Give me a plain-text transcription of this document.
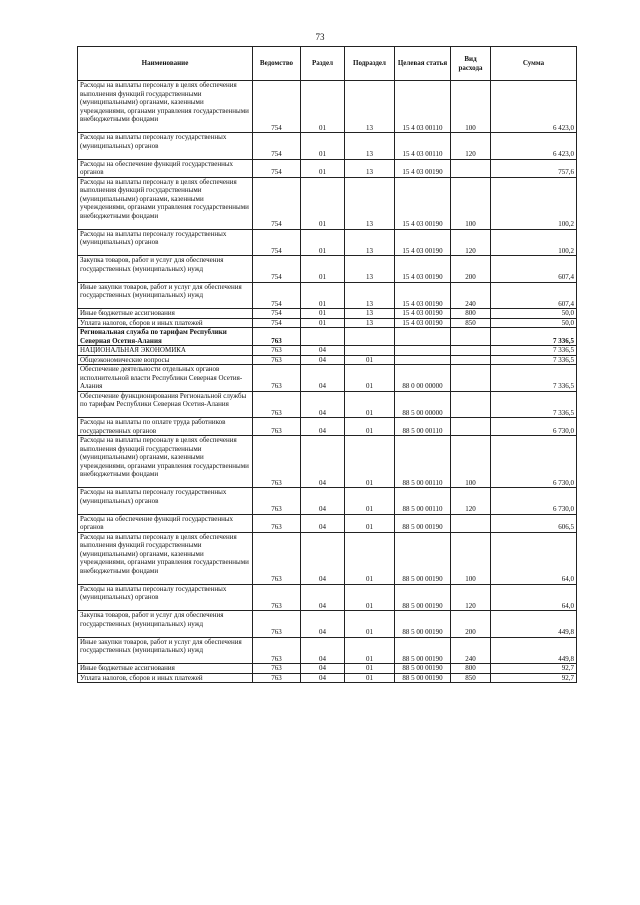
73
Наименование	Ведомство	Раздел	Подраздел	Целевая статья	Вид расхода	Сумма
Расходы на выплаты персоналу в целях обеспечения выполнения функций государственными (муниципальными) органами, казенными учреждениями, органами управления государственными внебюджетными фондами	754	01	13	15 4 03 00110	100	6 423,0
Расходы на выплаты персоналу государственных (муниципальных) органов	754	01	13	15 4 03 00110	120	6 423,0
Расходы на обеспечение функций государственных органов	754	01	13	15 4 03 00190		757,6
Расходы на выплаты персоналу в целях обеспечения выполнения функций государственными (муниципальными) органами, казенными учреждениями, органами управления государственными внебюджетными фондами	754	01	13	15 4 03 00190	100	100,2
Расходы на выплаты персоналу государственных (муниципальных) органов	754	01	13	15 4 03 00190	120	100,2
Закупка товаров, работ и услуг для обеспечения государственных (муниципальных) нужд	754	01	13	15 4 03 00190	200	607,4
Иные закупки товаров, работ и услуг для обеспечения государственных (муниципальных) нужд	754	01	13	15 4 03 00190	240	607,4
Иные бюджетные ассигнования	754	01	13	15 4 03 00190	800	50,0
Уплата налогов, сборов и иных платежей	754	01	13	15 4 03 00190	850	50,0
Региональная служба по тарифам Республики Северная Осетия-Алания	763					7 336,5
НАЦИОНАЛЬНАЯ ЭКОНОМИКА	763	04				7 336,5
Общеэкономические вопросы	763	04	01			7 336,5
Обеспечение деятельности отдельных органов исполнительной власти Республики Северная Осетия-Алания	763	04	01	88 0 00 00000		7 336,5
Обеспечение функционирования Региональной службы по тарифам Республики Северная Осетия-Алания	763	04	01	88 5 00 00000		7 336,5
Расходы на выплаты по оплате труда работников государственных органов	763	04	01	88 5 00 00110		6 730,0
Расходы на выплаты персоналу в целях обеспечения выполнения функций государственными (муниципальными) органами, казенными учреждениями, органами управления государственными внебюджетными фондами	763	04	01	88 5 00 00110	100	6 730,0
Расходы на выплаты персоналу государственных (муниципальных) органов	763	04	01	88 5 00 00110	120	6 730,0
Расходы на обеспечение функций государственных органов	763	04	01	88 5 00 00190		606,5
Расходы на выплаты персоналу в целях обеспечения выполнения функций государственными (муниципальными) органами, казенными учреждениями, органами управления государственными внебюджетными фондами	763	04	01	88 5 00 00190	100	64,0
Расходы на выплаты персоналу государственных (муниципальных) органов	763	04	01	88 5 00 00190	120	64,0
Закупка товаров, работ и услуг для обеспечения государственных (муниципальных) нужд	763	04	01	88 5 00 00190	200	449,8
Иные закупки товаров, работ и услуг для обеспечения государственных (муниципальных) нужд	763	04	01	88 5 00 00190	240	449,8
Иные бюджетные ассигнования	763	04	01	88 5 00 00190	800	92,7
Уплата налогов, сборов и иных платежей	763	04	01	88 5 00 00190	850	92,7
